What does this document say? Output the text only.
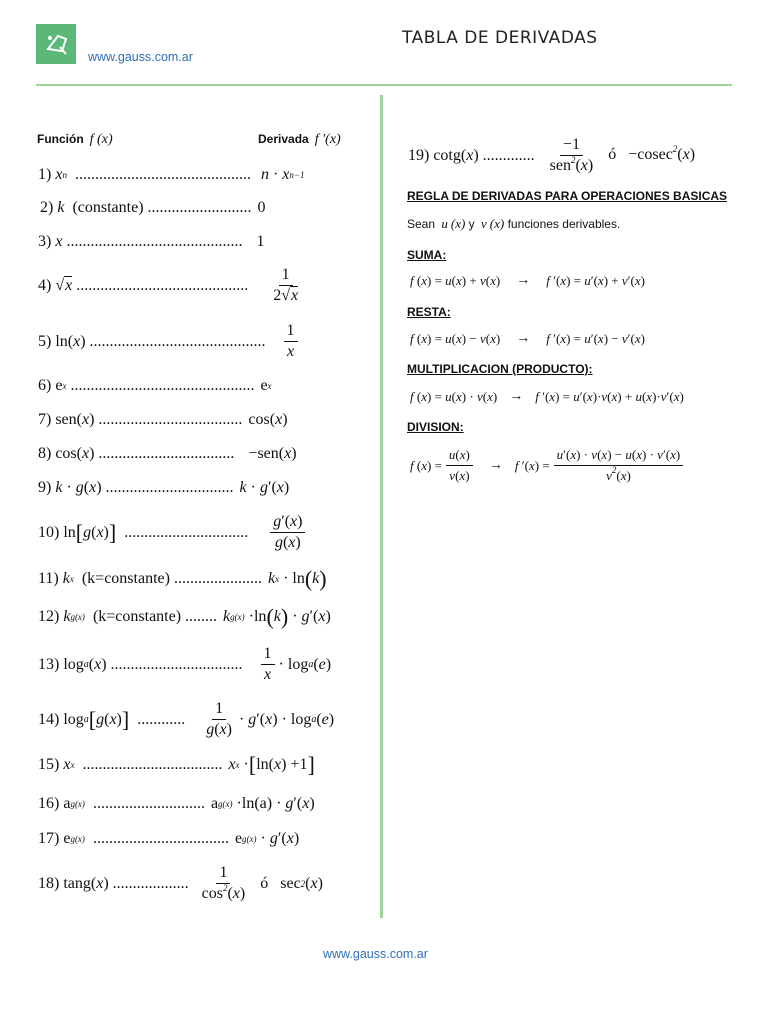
www.gauss.com.ar
TABLA DE DERIVADAS
Función f (x)	Derivada f ′(x)
1)
x n
............................................
n · x n−1
2)
k
(constante)
.......................... 0
3)
x
............................................ 1
4) √ x
...........................................
$\frac{1}{2√x}$
5) ln( x ) ............................................
$\frac{1}{x}$
6) e x
.............................................. e x
7) sen( x ) .................................... cos( x )
8) cos( x ) .................................. −sen( x )
9)
k · g ( x ) ................................ k · g ′( x )
10) ln [ g ( x ) ]
...............................
$\frac{g'(x)}{g(x)}$
11)
k x
(k=constante)
...................... k x · ln ( k )
12)
k g(x)
(k=constante)
........ k g(x) ·ln ( k ) · g ′( x )
13) log a ( x ) .................................
$\frac{1}{x} \cdot \log a$ ( e )
14) log a [ g ( x ) ]
............
$\frac{1}{g(x)} \cdot g$ ′( x ) · log a ( e )
15)
x x
................................... x x · [ ln( x ) +1 ]
16) a g(x)
............................ a g(x) ·ln(a) · g ′( x )
17) e g(x)
.................................. e g(x) · g ′( x )
18) tang( x ) ................... $\frac{1}{\cos^2(x)}$
ó sec 2 ( x )
19) cotg( x ) .............
$\frac{-1}{sen^2(x)}$ ó   −cosec$^2$(x)
REGLA DE DERIVADAS PARA OPERACIONES BASICAS
Sean u (x) y v (x) funciones derivables.
SUMA:
f ( x ) = u ( x ) + v ( x ) → f ′( x ) = u ′( x ) + v ′( x )
RESTA:
f ( x ) = u ( x ) − v ( x ) → f ′( x ) = u ′( x ) − v ′( x )
MULTIPLICACION (PRODUCTO):
f ( x ) = u ( x ) · v ( x ) → f ′( x ) = u ′( x )· v ( x ) + u ( x )· v ′( x )
DIVISION:
f ( x ) = $\frac{u(x)}{v(x)} \to f$ ′( x ) = $\frac{u'(x) \cdot v(x) - u(x) \cdot v'(x)}{v^2(x)}$
www.gauss.com.ar
